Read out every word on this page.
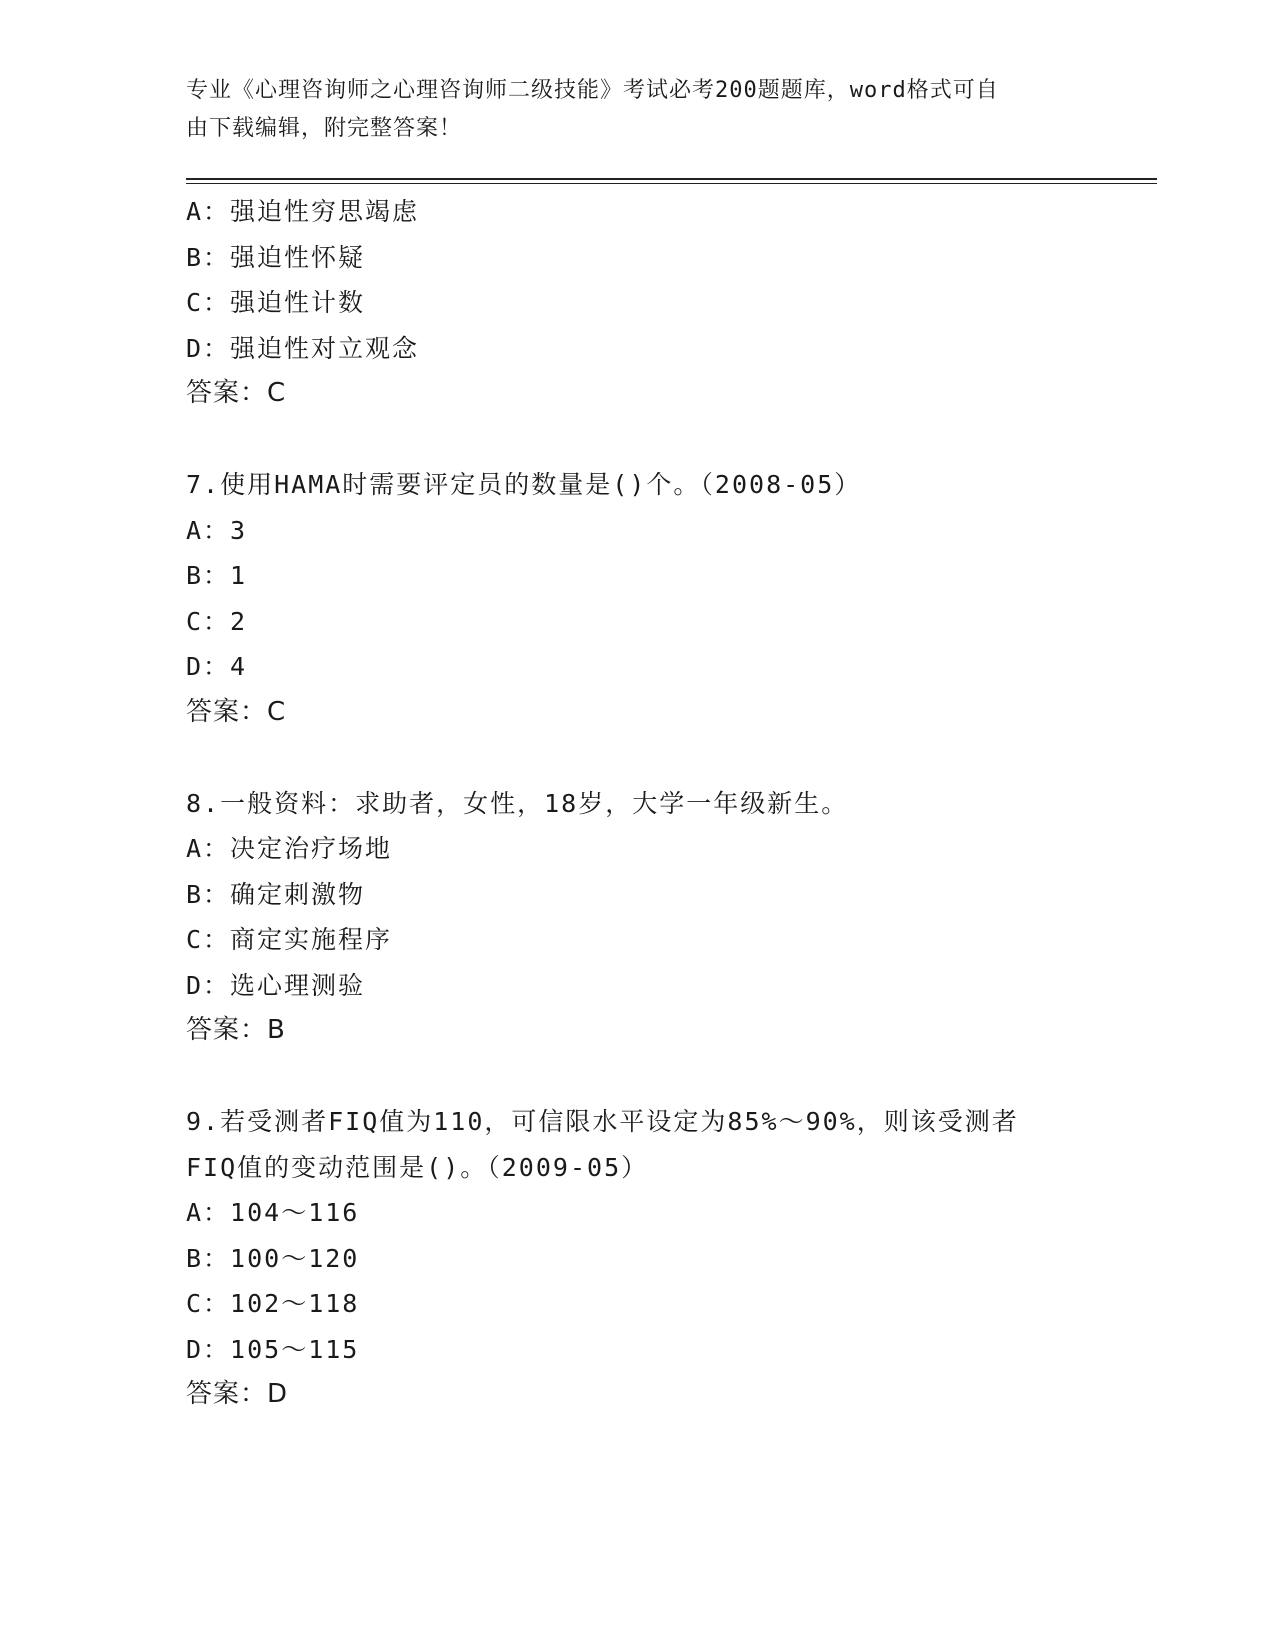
专业《心理咨询师之心理咨询师二级技能》考试必考200题题库，word格式可自
由下载编辑，附完整答案！
A：强迫性穷思竭虑
B：强迫性怀疑
C：强迫性计数
D：强迫性对立观念
答案：C
7.使用HAMA时需要评定员的数量是()个。（2008-05）
A：3
B：1
C：2
D：4
答案：C
8.一般资料：求助者，女性，18岁，大学一年级新生。
A：决定治疗场地
B：确定刺激物
C：商定实施程序
D：选心理测验
答案：B
9.若受测者FIQ值为110，可信限水平设定为85%～90%，则该受测者
FIQ值的变动范围是()。（2009-05）
A：104～116
B：100～120
C：102～118
D：105～115
答案：D
